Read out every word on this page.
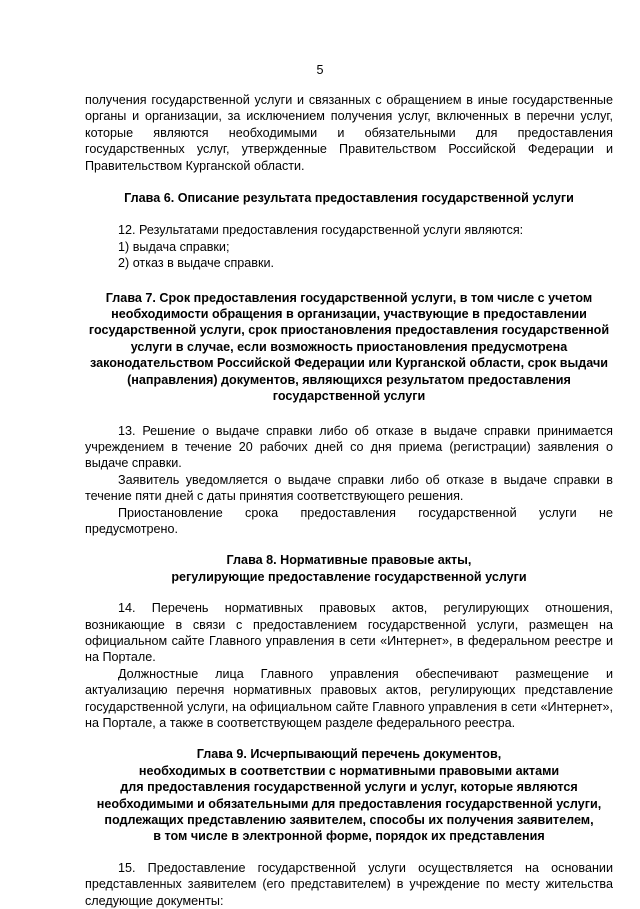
5

получения государственной услуги и связанных с обращением в иные государственные органы и организации, за исключением получения услуг, включенных в перечни услуг, которые являются необходимыми и обязательными для предоставления государственных услуг, утвержденные Правительством Российской Федерации и Правительством Курганской области.

Глава 6. Описание результата предоставления государственной услуги

12. Результатами предоставления государственной услуги являются:

1) выдача справки;

2) отказ в выдаче справки.

Глава 7. Срок предоставления государственной услуги, в том числе с учетом необходимости обращения в организации, участвующие в предоставлении государственной услуги, срок приостановления предоставления государственной услуги в случае, если возможность приостановления предусмотрена законодательством Российской Федерации или Курганской области, срок выдачи (направления) документов, являющихся результатом предоставления государственной услуги

13. Решение о выдаче справки либо об отказе в выдаче справки принимается учреждением в течение 20 рабочих дней со дня приема (регистрации) заявления о выдаче справки.

Заявитель уведомляется о выдаче справки либо об отказе в выдаче справки в течение пяти дней с даты принятия соответствующего решения.

Приостановление срока предоставления государственной услуги не предусмотрено.

Глава 8. Нормативные правовые акты,
регулирующие предоставление государственной услуги

14. Перечень нормативных правовых актов, регулирующих отношения, возникающие в связи с предоставлением государственной услуги, размещен на официальном сайте Главного управления в сети «Интернет», в федеральном реестре и на Портале.

Должностные лица Главного управления обеспечивают размещение и актуализацию перечня нормативных правовых актов, регулирующих представление государственной услуги, на официальном сайте Главного управления в сети «Интернет», на Портале, а также в соответствующем разделе федерального реестра.

Глава 9. Исчерпывающий перечень документов,
необходимых в соответствии с нормативными правовыми актами
для предоставления государственной услуги и услуг, которые являются
необходимыми и обязательными для предоставления государственной услуги,
подлежащих представлению заявителем, способы их получения заявителем,
в том числе в электронной форме, порядок их представления

15. Предоставление государственной услуги осуществляется на основании представленных заявителем (его представителем) в учреждение по месту жительства следующие документы:
